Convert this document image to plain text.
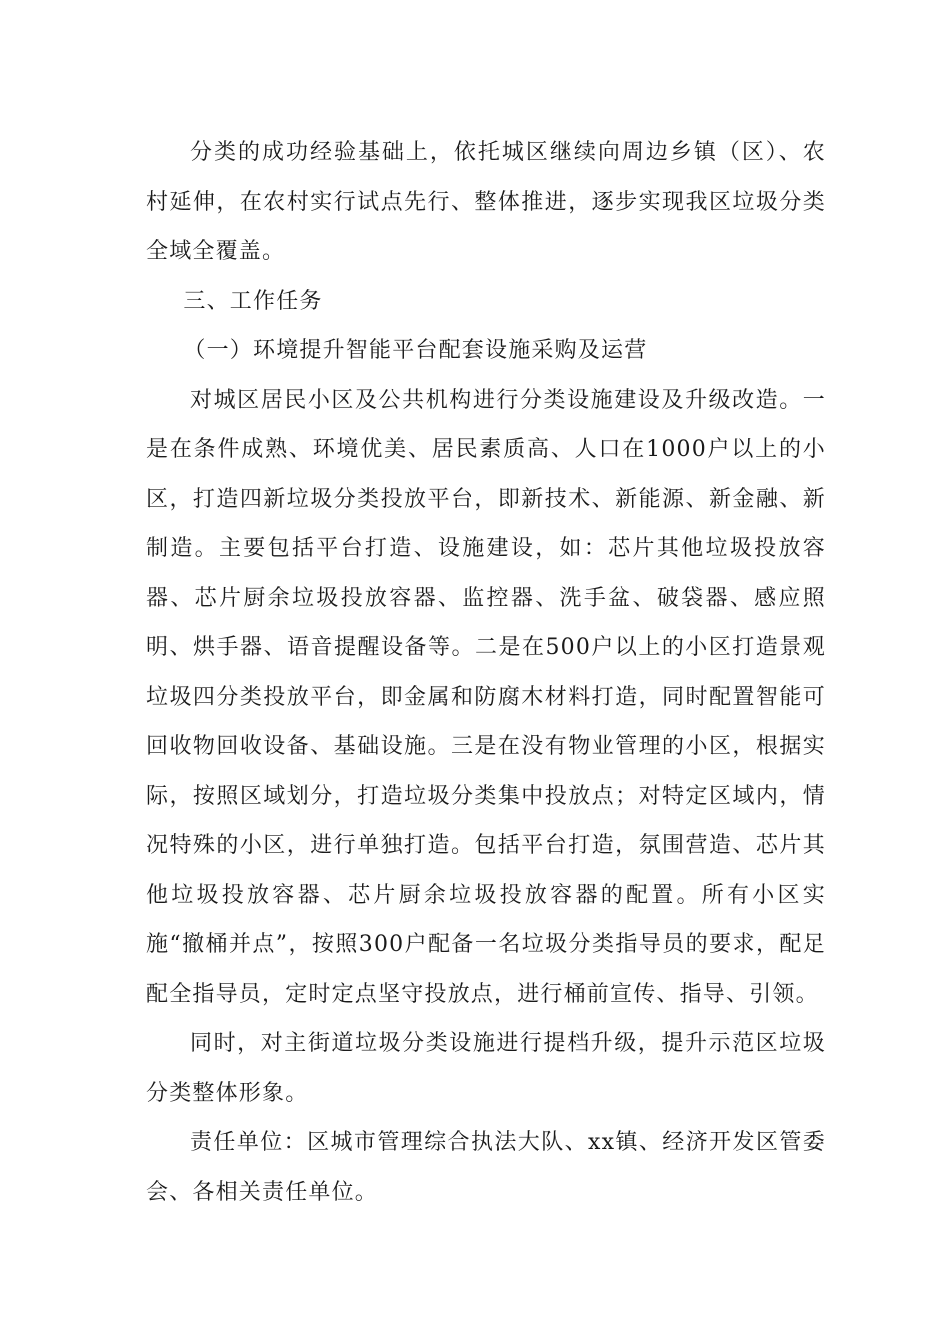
分类的成功经验基础上，依托城区继续向周边乡镇（区）、农村延伸，在农村实行试点先行、整体推进，逐步实现我区垃圾分类全域全覆盖。

三、工作任务

（一）环境提升智能平台配套设施采购及运营

对城区居民小区及公共机构进行分类设施建设及升级改造。一是在条件成熟、环境优美、居民素质高、人口在1000户以上的小区，打造四新垃圾分类投放平台，即新技术、新能源、新金融、新制造。主要包括平台打造、设施建设，如：芯片其他垃圾投放容器、芯片厨余垃圾投放容器、监控器、洗手盆、破袋器、感应照明、烘手器、语音提醒设备等。二是在500户以上的小区打造景观垃圾四分类投放平台，即金属和防腐木材料打造，同时配置智能可回收物回收设备、基础设施。三是在没有物业管理的小区，根据实际，按照区域划分，打造垃圾分类集中投放点；对特定区域内，情况特殊的小区，进行单独打造。包括平台打造，氛围营造、芯片其他垃圾投放容器、芯片厨余垃圾投放容器的配置。所有小区实施“撤桶并点”，按照300户配备一名垃圾分类指导员的要求，配足配全指导员，定时定点坚守投放点，进行桶前宣传、指导、引领。

同时，对主街道垃圾分类设施进行提档升级，提升示范区垃圾分类整体形象。

责任单位：区城市管理综合执法大队、xx镇、经济开发区管委会、各相关责任单位。
